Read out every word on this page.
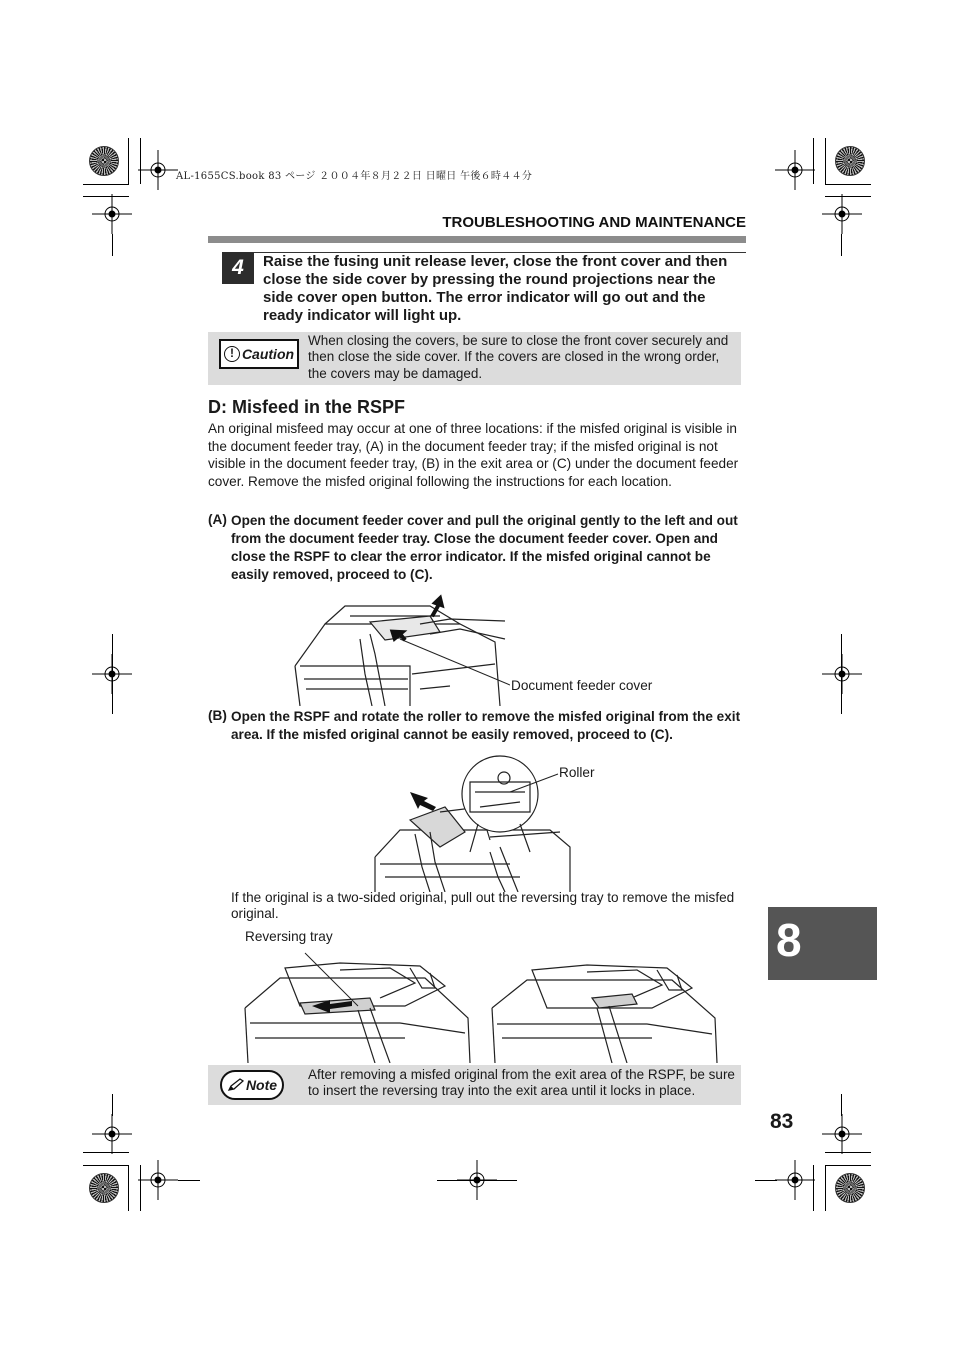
AL-1655CS.book 83 ページ ２００４年８月２２日 日曜日 午後６時４４分
TROUBLESHOOTING AND MAINTENANCE
4	Raise the fusing unit release lever, close the front cover and then close the side cover by pressing the round projections near the side cover open button. The error indicator will go out and the ready indicator will light up.
! Caution
When closing the covers, be sure to close the front cover securely and then close the side cover. If the covers are closed in the wrong order, the covers may be damaged.
D: Misfeed in the RSPF
An original misfeed may occur at one of three locations: if the misfed original is visible in the document feeder tray, (A) in the document feeder tray; if the misfed original is not visible in the document feeder tray, (B) in the exit area or (C) under the document feeder cover. Remove the misfed original following the instructions for each location.
(A) Open the document feeder cover and pull the original gently to the left and out from the document feeder tray. Close the document feeder cover. Open and close the RSPF to clear the error indicator. If the misfed original cannot be easily removed, proceed to (C).
Document feeder cover
(B) Open the RSPF and rotate the roller to remove the misfed original from the exit area. If the misfed original cannot be easily removed, proceed to (C).
Roller
If the original is a two-sided original, pull out the reversing tray to remove the misfed original.
Reversing tray	8
Note
After removing a misfed original from the exit area of the RSPF, be sure to insert the reversing tray into the exit area until it locks in place.
83
